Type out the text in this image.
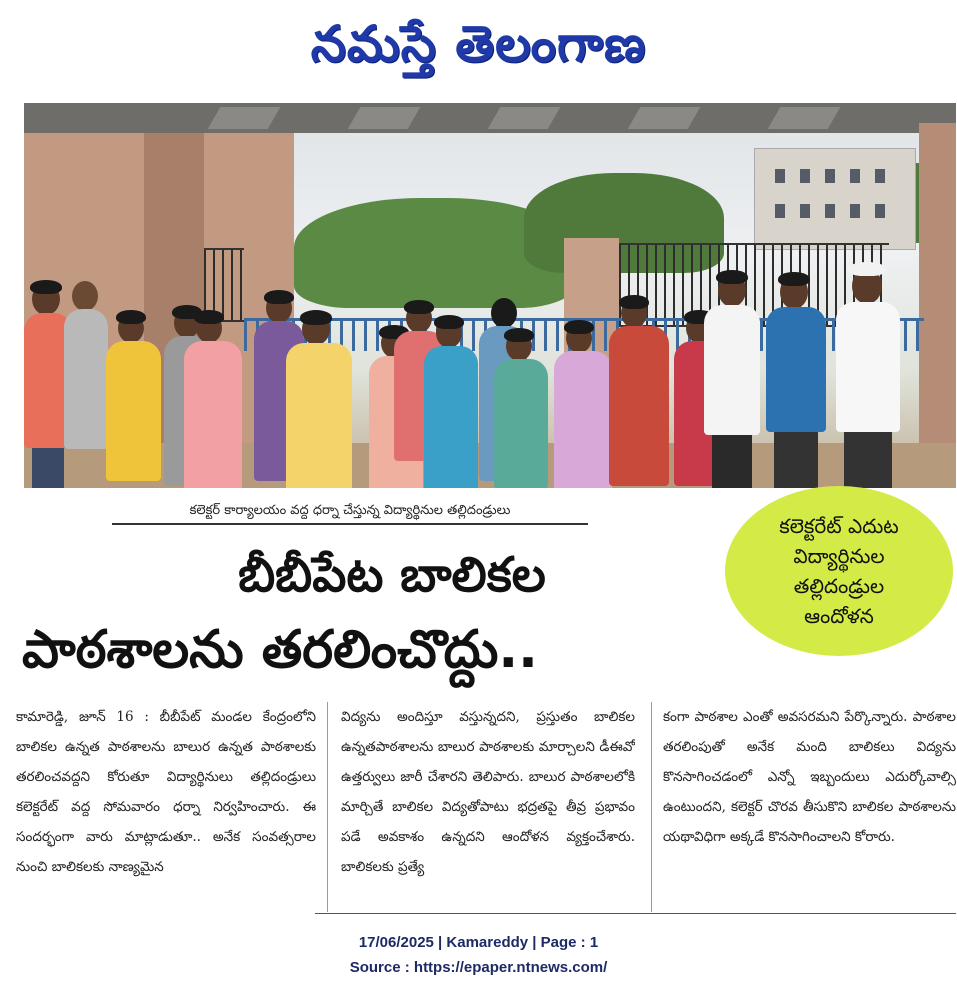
నమస్తే తెలంగాణ
కలెక్టర్ కార్యాలయం వద్ద ధర్నా చేస్తున్న విద్యార్థినుల తల్లిదండ్రులు
బీబీపేట బాలికల
పాఠశాలను తరలించొద్దు..
కలెక్టరేట్ ఎదుట
విద్యార్థినుల
తల్లిదండ్రుల
ఆందోళన

కామారెడ్డి, జూన్ 16 : బీబీపేట్ మండల కేంద్రంలోని బాలికల ఉన్నత పాఠశాలను బాలుర ఉన్నత పాఠశాలకు తరలించవద్దని కోరుతూ విద్యార్థినులు తల్లిదండ్రులు కలెక్టరేట్ వద్ద సోమవారం ధర్నా నిర్వహించారు. ఈ సందర్భంగా వారు మాట్లాడుతూ.. అనేక సంవత్సరాల నుంచి బాలికలకు నాణ్యమైన

విద్యను అందిస్తూ వస్తున్నదని, ప్రస్తుతం బాలికల ఉన్నతపాఠశాలను బాలుర పాఠశాలకు మార్చాలని డీఈవో ఉత్తర్వులు జారీ చేశారని తెలిపారు. బాలుర పాఠశాలలోకి మార్చితే బాలికల విద్యతోపాటు భద్రతపై తీవ్ర ప్రభావం పడే అవకాశం ఉన్నదని ఆందోళన వ్యక్తంచేశారు. బాలికలకు ప్రత్యే

కంగా పాఠశాల ఎంతో అవసరమని పేర్కొన్నారు. పాఠశాల తరలింపుతో అనేక మంది బాలికలు విద్యను కొనసాగించడంలో ఎన్నో ఇబ్బందులు ఎదుర్కోవాల్సి ఉంటుందని, కలెక్టర్ చొరవ తీసుకొని బాలికల పాఠశాలను యథావిధిగా అక్కడే కొనసాగించాలని కోరారు.

17/06/2025 | Kamareddy | Page : 1
Source : https://epaper.ntnews.com/
